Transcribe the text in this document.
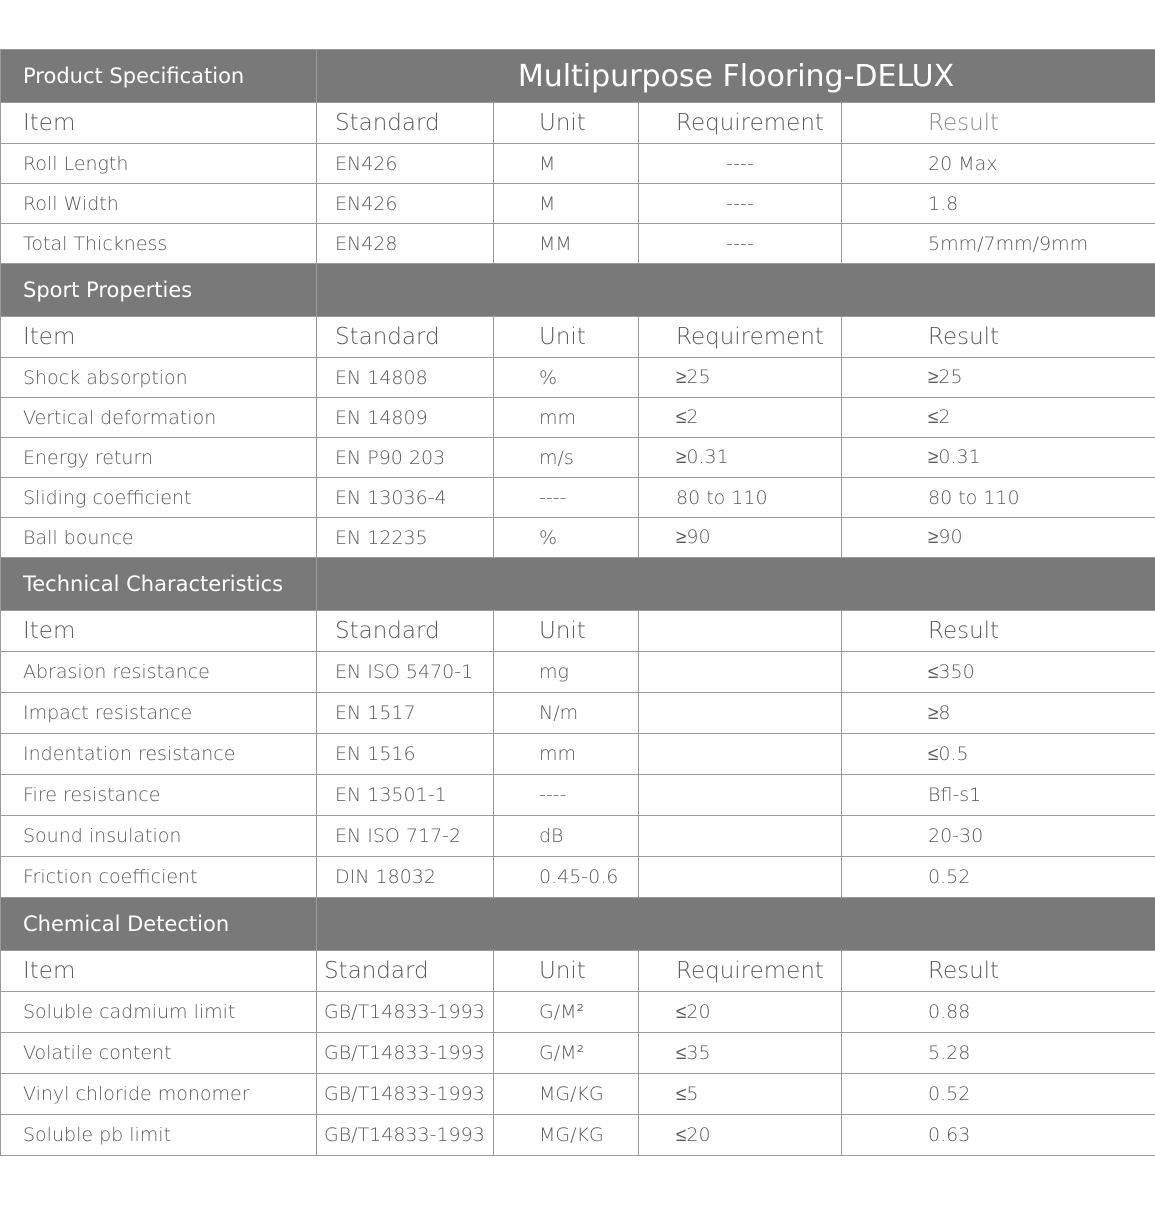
Product Specification	Multipurpose Flooring-DELUX			
Item	Standard	Unit	Requirement	Result
Roll Length	EN426	M	----	20 Max
Roll Width	EN426	M	----	1.8
Total Thickness	EN428	MM	----	5mm/7mm/9mm
Sport Properties				
Item	Standard	Unit	Requirement	Result
Shock absorption	EN 14808	%	≥25	≥25
Vertical deformation	EN 14809	mm	≤2	≤2
Energy return	EN P90 203	m/s	≥0.31	≥0.31
Sliding coefficient	EN 13036-4	----	80 to 110	80 to 110
Ball bounce	EN 12235	%	≥90	≥90
Technical Characteristics				
Item	Standard	Unit		Result
Abrasion resistance	EN ISO 5470-1	mg		≤350
Impact resistance	EN 1517	N/m		≥8
Indentation resistance	EN 1516	mm		≤0.5
Fire resistance	EN 13501-1	----		Bfl-s1
Sound insulation	EN ISO 717-2	dB		20-30
Friction coefficient	DIN 18032	0.45-0.6		0.52
Chemical Detection				
Item	Standard	Unit	Requirement	Result
Soluble cadmium limit	GB/T14833-1993	G/M²	≤20	0.88
Volatile content	GB/T14833-1993	G/M²	≤35	5.28
Vinyl chloride monomer	GB/T14833-1993	MG/KG	≤5	0.52
Soluble pb limit	GB/T14833-1993	MG/KG	≤20	0.63
